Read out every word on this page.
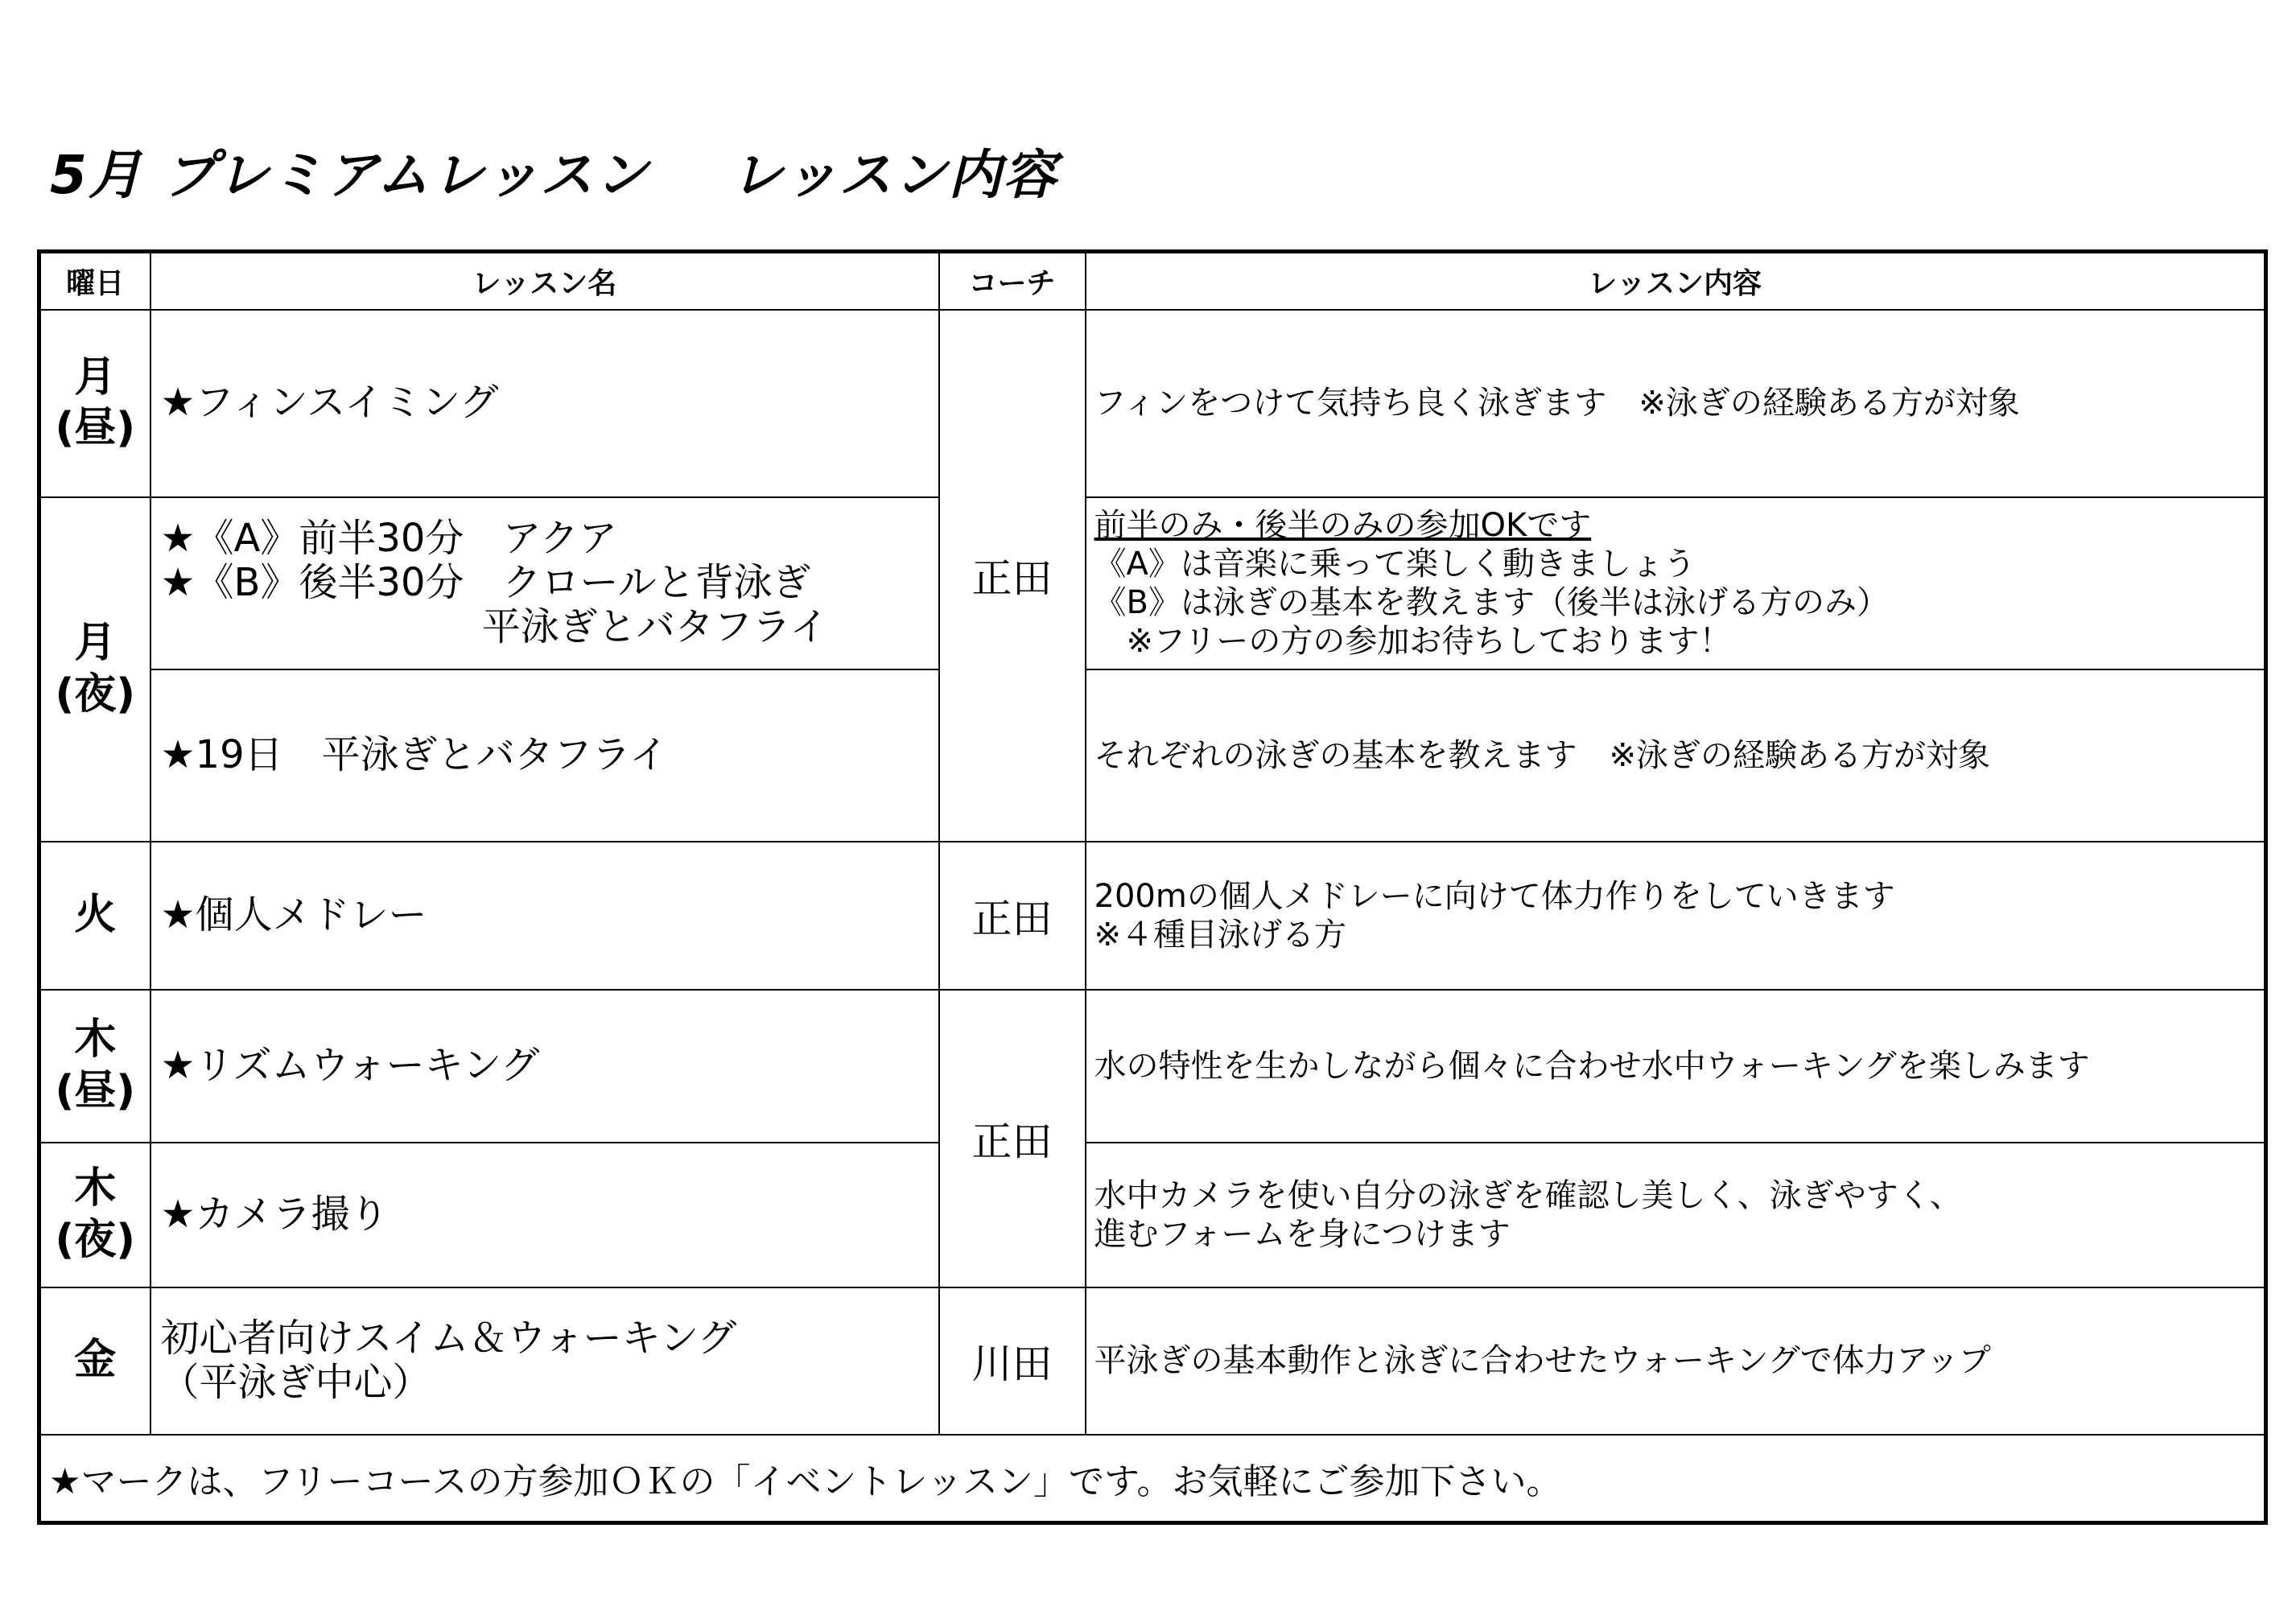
5月 プレミアムレッスン レッスン内容
曜日	レッスン名	コーチ	レッスン内容

月
(昼)	★フィンスイミング	正田	フィンをつけて気持ち良く泳ぎます　※泳ぎの経験ある方が対象

月
(夜)	★《A》前半30分　アクア
★《B》後半30分　クロールと背泳ぎ
　　　　　　　　 平泳ぎとバタフライ		前半のみ・後半のみの参加OKです
《A》は音楽に乗って楽しく動きましょう
《B》は泳ぎの基本を教えます（後半は泳げる方のみ）
　※フリーの方の参加お待ちしております！

	★19日　平泳ぎとバタフライ		それぞれの泳ぎの基本を教えます　※泳ぎの経験ある方が対象

火	★個人メドレー	正田	200mの個人メドレーに向けて体力作りをしていきます
※４種目泳げる方

木
(昼)	★リズムウォーキング	正田	水の特性を生かしながら個々に合わせ水中ウォーキングを楽しみます

木
(夜)	★カメラ撮り		水中カメラを使い自分の泳ぎを確認し美しく、泳ぎやすく、
進むフォームを身につけます

金	初心者向けスイム＆ウォーキング
（平泳ぎ中心）	川田	平泳ぎの基本動作と泳ぎに合わせたウォーキングで体力アップ

★マークは、フリーコースの方参加ＯＫの「イベントレッスン」です。お気軽にご参加下さい。			
